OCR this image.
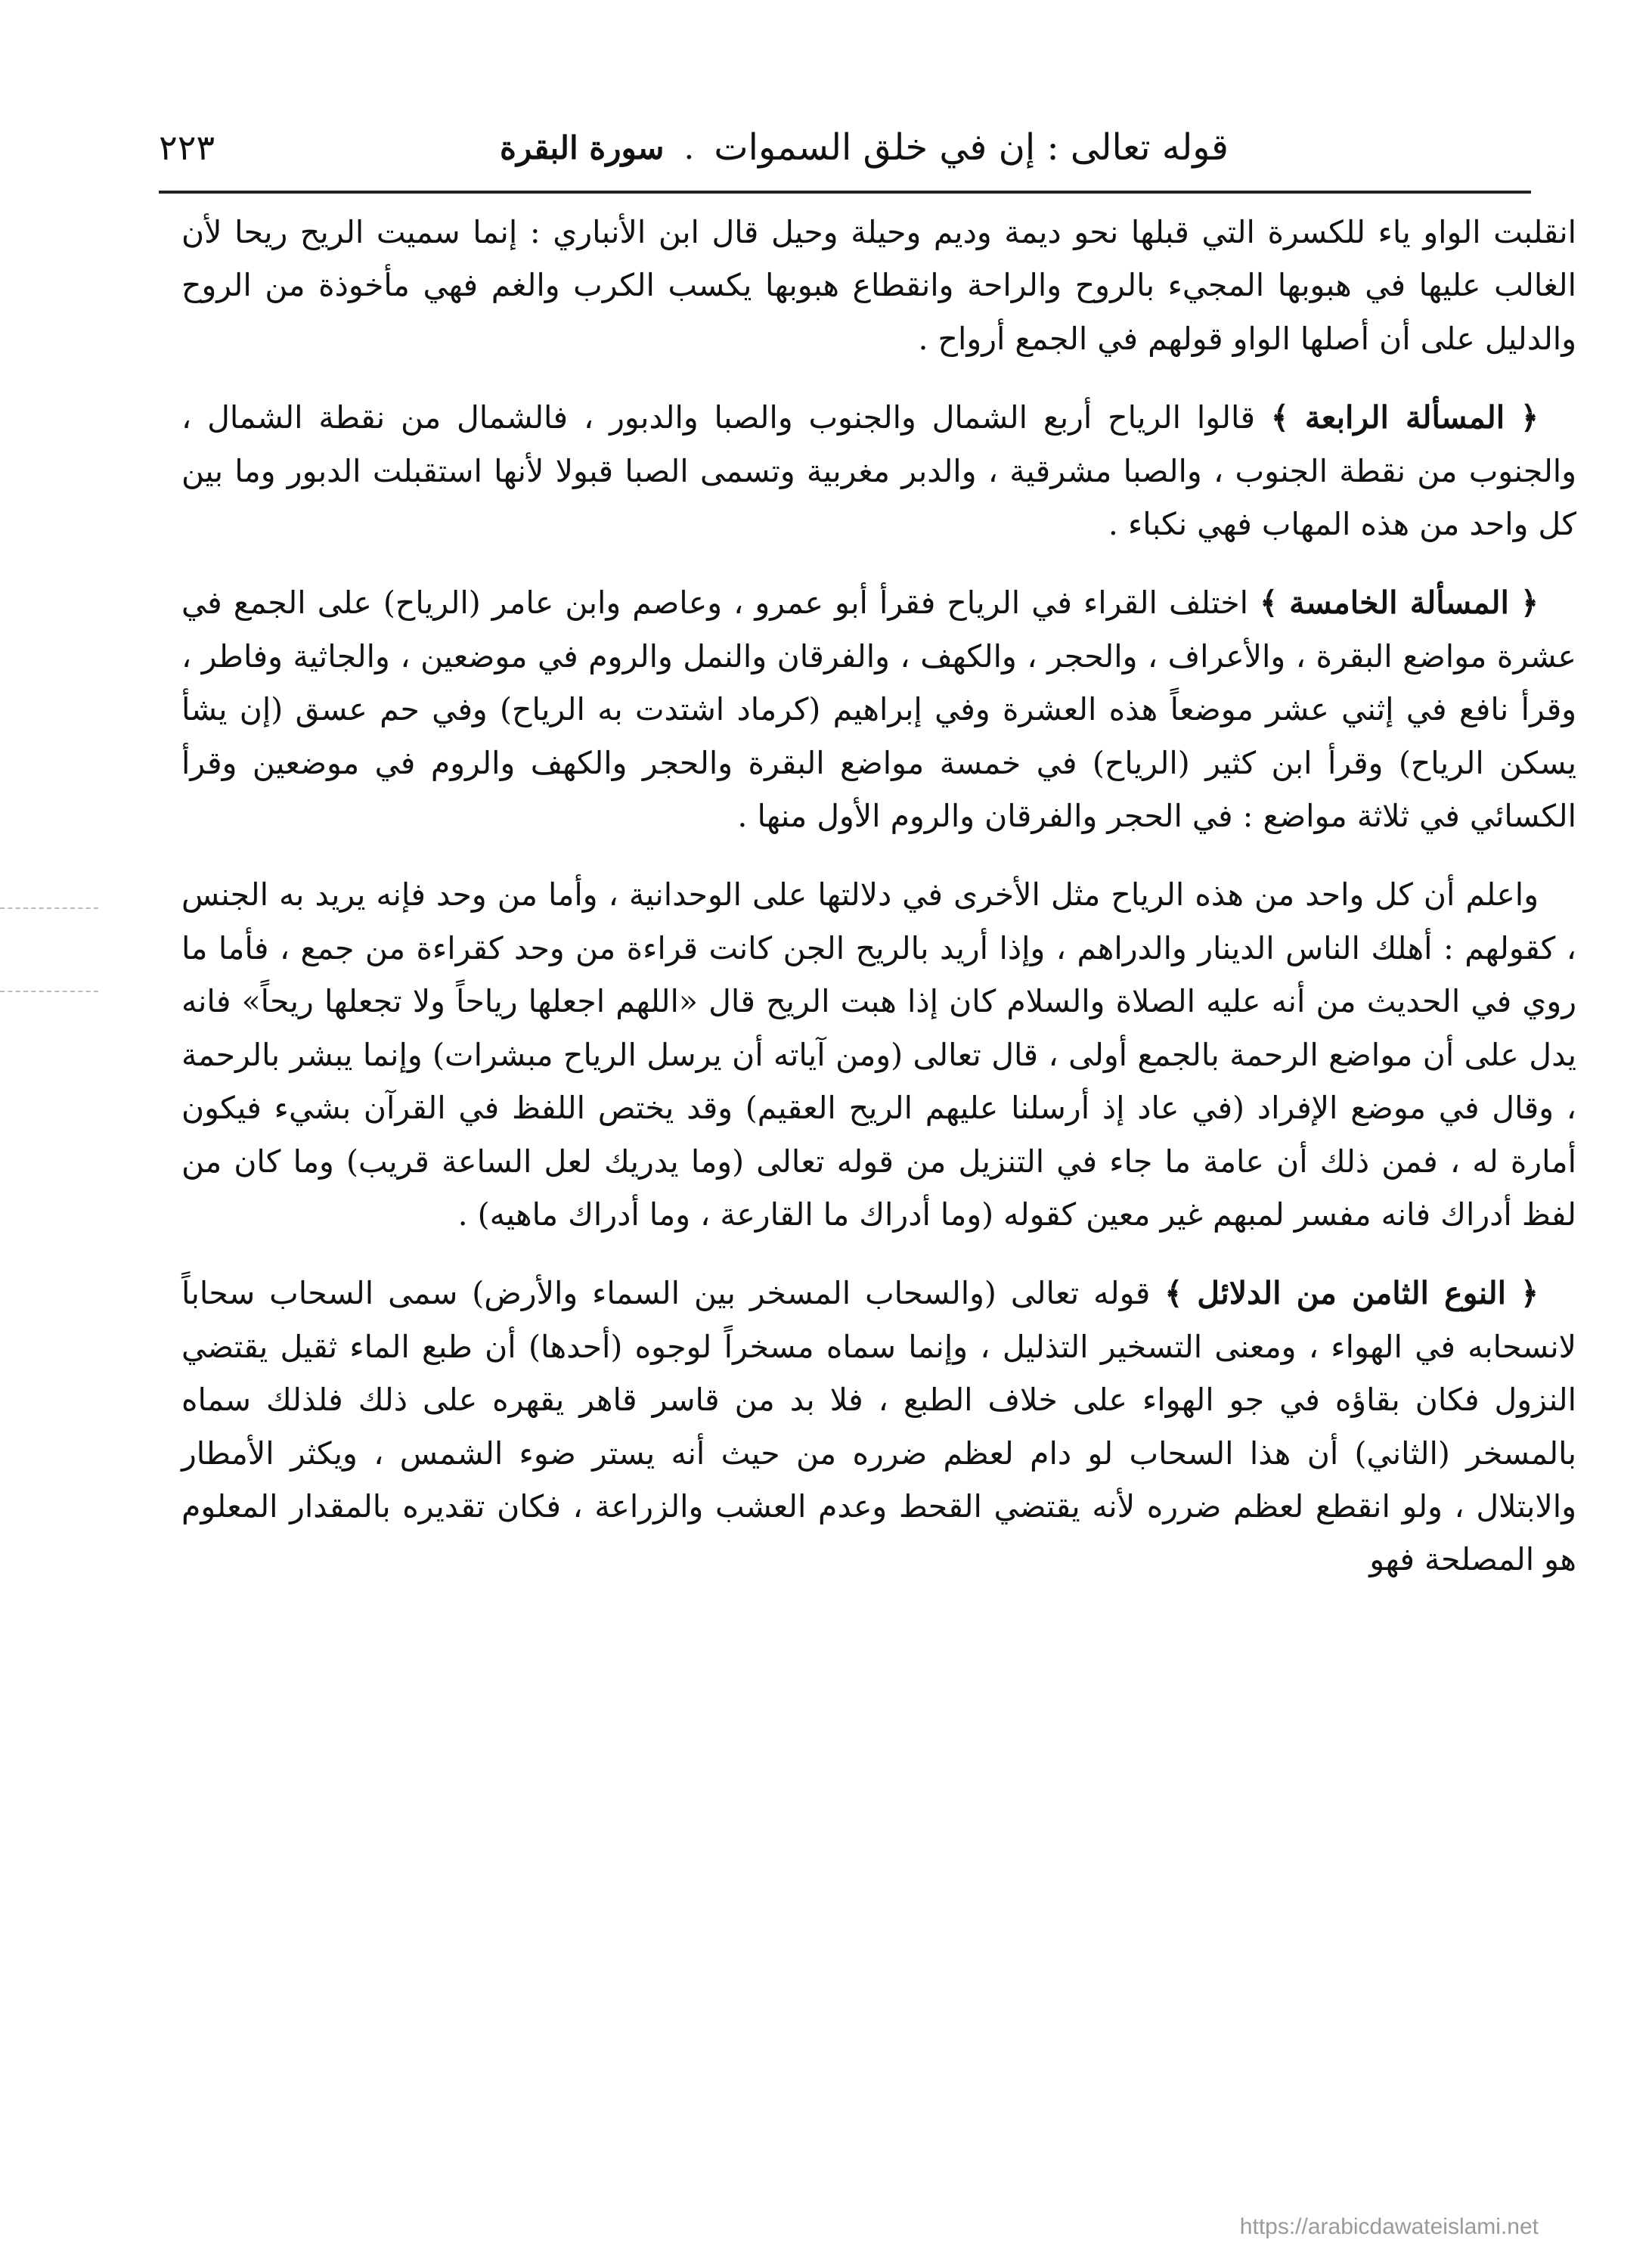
قوله تعالى : إن في خلق السموات
.
سورة البقرة
٢٢٣

انقلبت الواو ياء للكسرة التي قبلها نحو ديمة وديم وحيلة وحيل قال ابن الأنباري : إنما سميت الريح ريحا لأن الغالب عليها في هبوبها المجيء بالروح والراحة وانقطاع هبوبها يكسب الكرب والغم فهي مأخوذة من الروح والدليل على أن أصلها الواو قولهم في الجمع أرواح .

﴿ المسألة الرابعة ﴾ قالوا الرياح أربع الشمال والجنوب والصبا والدبور ، فالشمال من نقطة الشمال ، والجنوب من نقطة الجنوب ، والصبا مشرقية ، والدبر مغربية وتسمى الصبا قبولا لأنها استقبلت الدبور وما بين كل واحد من هذه المهاب فهي نكباء .

﴿ المسألة الخامسة ﴾ اختلف القراء في الرياح فقرأ أبو عمرو ، وعاصم وابن عامر (الرياح) على الجمع في عشرة مواضع البقرة ، والأعراف ، والحجر ، والكهف ، والفرقان والنمل والروم في موضعين ، والجاثية وفاطر ، وقرأ نافع في إثني عشر موضعاً هذه العشرة وفي إبراهيم (كرماد اشتدت به الرياح) وفي حم عسق (إن يشأ يسكن الرياح) وقرأ ابن كثير (الرياح) في خمسة مواضع البقرة والحجر والكهف والروم في موضعين وقرأ الكسائي في ثلاثة مواضع : في الحجر والفرقان والروم الأول منها .

واعلم أن كل واحد من هذه الرياح مثل الأخرى في دلالتها على الوحدانية ، وأما من وحد فإنه يريد به الجنس ، كقولهم : أهلك الناس الدينار والدراهم ، وإذا أريد بالريح الجن كانت قراءة من وحد كقراءة من جمع ، فأما ما روي في الحديث من أنه عليه الصلاة والسلام كان إذا هبت الريح قال «اللهم اجعلها رياحاً ولا تجعلها ريحاً» فانه يدل على أن مواضع الرحمة بالجمع أولى ، قال تعالى (ومن آياته أن يرسل الرياح مبشرات) وإنما يبشر بالرحمة ، وقال في موضع الإفراد (في عاد إذ أرسلنا عليهم الريح العقيم) وقد يختص اللفظ في القرآن بشيء فيكون أمارة له ، فمن ذلك أن عامة ما جاء في التنزيل من قوله تعالى (وما يدريك لعل الساعة قريب) وما كان من لفظ أدراك فانه مفسر لمبهم غير معين كقوله (وما أدراك ما القارعة ، وما أدراك ماهيه) .

﴿ النوع الثامن من الدلائل ﴾ قوله تعالى (والسحاب المسخر بين السماء والأرض) سمى السحاب سحاباً لانسحابه في الهواء ، ومعنى التسخير التذليل ، وإنما سماه مسخراً لوجوه (أحدها) أن طبع الماء ثقيل يقتضي النزول فكان بقاؤه في جو الهواء على خلاف الطبع ، فلا بد من قاسر قاهر يقهره على ذلك فلذلك سماه بالمسخر (الثاني) أن هذا السحاب لو دام لعظم ضرره من حيث أنه يستر ضوء الشمس ، ويكثر الأمطار والابتلال ، ولو انقطع لعظم ضرره لأنه يقتضي القحط وعدم العشب والزراعة ، فكان تقديره بالمقدار المعلوم هو المصلحة فهو

https://arabicdawateislami.net
